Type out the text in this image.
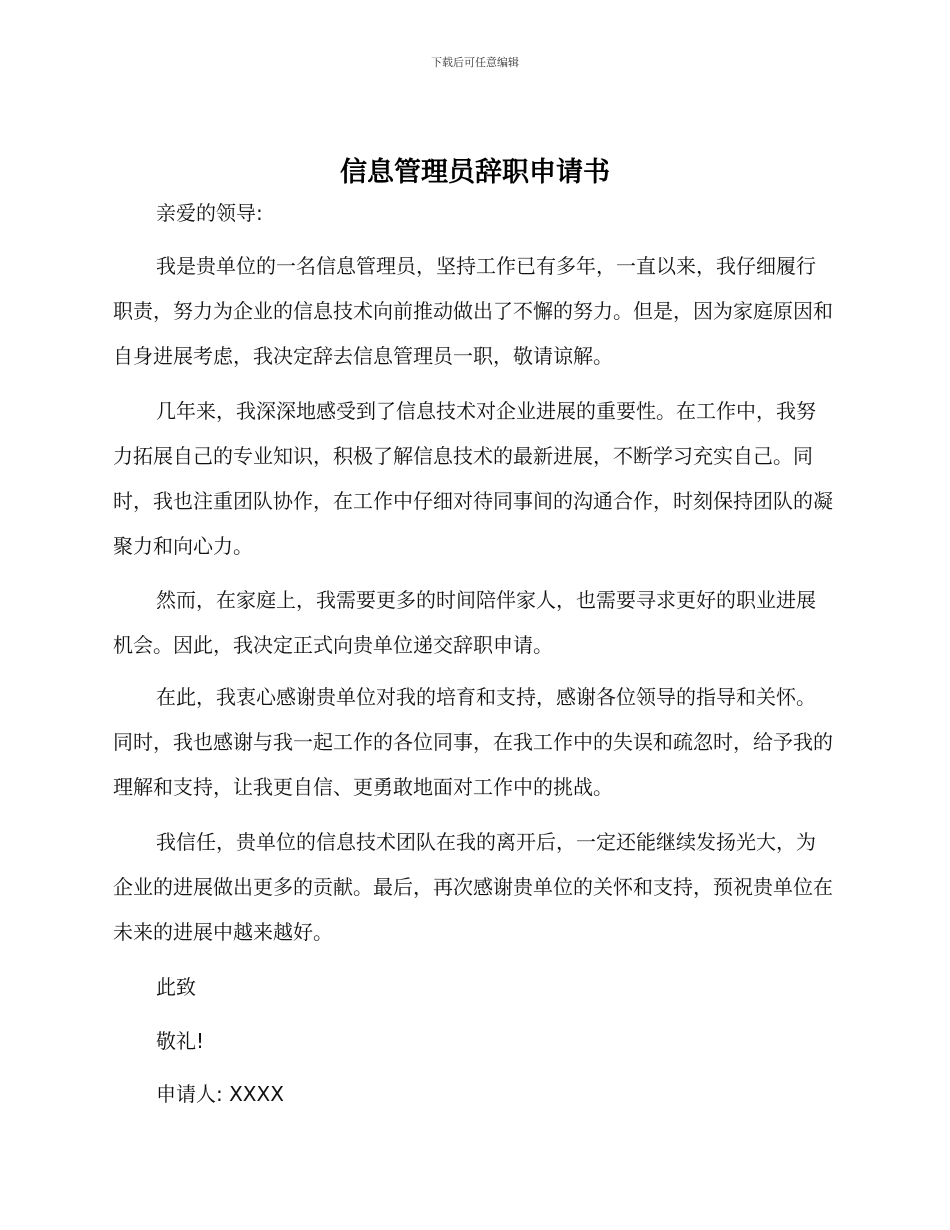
下载后可任意编辑
信息管理员辞职申请书

亲爱的领导:

我是贵单位的一名信息管理员，坚持工作已有多年，一直以来，我仔细履行职责，努力为企业的信息技术向前推动做出了不懈的努力。但是，因为家庭原因和自身进展考虑，我决定辞去信息管理员一职，敬请谅解。

几年来，我深深地感受到了信息技术对企业进展的重要性。在工作中，我努力拓展自己的专业知识，积极了解信息技术的最新进展，不断学习充实自己。同时，我也注重团队协作，在工作中仔细对待同事间的沟通合作，时刻保持团队的凝聚力和向心力。

然而，在家庭上，我需要更多的时间陪伴家人，也需要寻求更好的职业进展机会。因此，我决定正式向贵单位递交辞职申请。

在此，我衷心感谢贵单位对我的培育和支持，感谢各位领导的指导和关怀。同时，我也感谢与我一起工作的各位同事，在我工作中的失误和疏忽时，给予我的理解和支持，让我更自信、更勇敢地面对工作中的挑战。

我信任，贵单位的信息技术团队在我的离开后，一定还能继续发扬光大，为企业的进展做出更多的贡献。最后，再次感谢贵单位的关怀和支持，预祝贵单位在未来的进展中越来越好。

此致

敬礼!

申请人: XXXX
